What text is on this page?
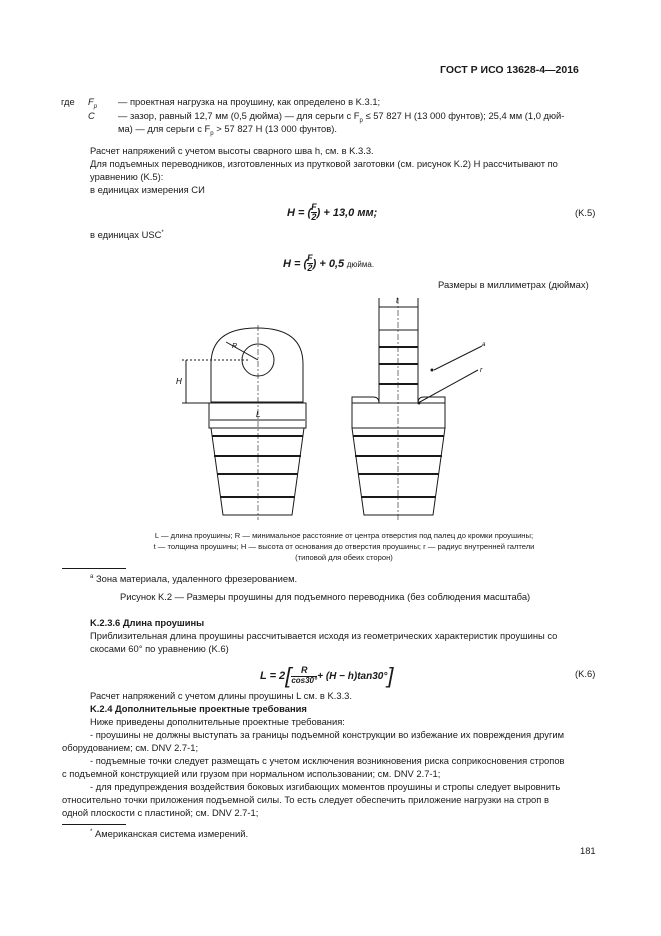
ГОСТ Р ИСО 13628-4—2016
где $F_p$ — проектная нагрузка на проушину, как определено в K.3.1;
C — зазор, равный 12,7 мм (0,5 дюйма) — для серьги с $F_p \le 57$ 827 Н (13 000 фунтов); 25,4 мм (1,0 дюй-
ма) — для серьги с $F_p > 57$ 827 Н (13 000 фунтов).
Расчет напряжений с учетом высоты сварного шва h, см. в K.3.3.
Для подъемных переводников, изготовленных из прутковой заготовки (см. рисунок K.2) H рассчитывают по
уравнению (K.5):
в единицах измерения СИ
H = ( $\frac{F}{2}$ ) + 13,0 мм;	(K.5)
в единицах USC*
H = ( $\frac{F}{2}$ ) + 0,5 дюйма.
Размеры в миллиметрах (дюймах)
R
H
L
t
a
r
L — длина проушины; R — минимальное расстояние от центра отверстия под палец до кромки проушины;
t — толщина проушины; H — высота от основания до отверстия проушины; r — радиус внутренней галтели
(типовой для обеих сторон)
$^a$ Зона материала, удаленного фрезерованием.
Рисунок K.2 — Размеры проушины для подъемного переводника (без соблюдения масштаба)
K.2.3.6 Длина проушины
Приблизительная длина проушины рассчитывается исходя из геометрических характеристик проушины со
скосами 60° по уравнению (K.6)
$L = 2[ \frac{R}{\cos 30^\circ} + (H - h)\tan 30^\circ]$	(K.6)
Расчет напряжений с учетом длины проушины L см. в K.3.3.
K.2.4 Дополнительные проектные требования
Ниже приведены дополнительные проектные требования:
- проушины не должны выступать за границы подъемной конструкции во избежание их повреждения другим
оборудованием; см. DNV 2.7-1;
- подъемные точки следует размещать с учетом исключения возникновения риска соприкосновения стропов
с подъемной конструкцией или грузом при нормальном использовании; см. DNV 2.7-1;
- для предупреждения воздействия боковых изгибающих моментов проушины и стропы следует выровнить
относительно точки приложения подъемной силы. То есть следует обеспечить приложение нагрузки на строп в
одной плоскости с пластиной; см. DNV 2.7-1;
* Американская система измерений.
181
